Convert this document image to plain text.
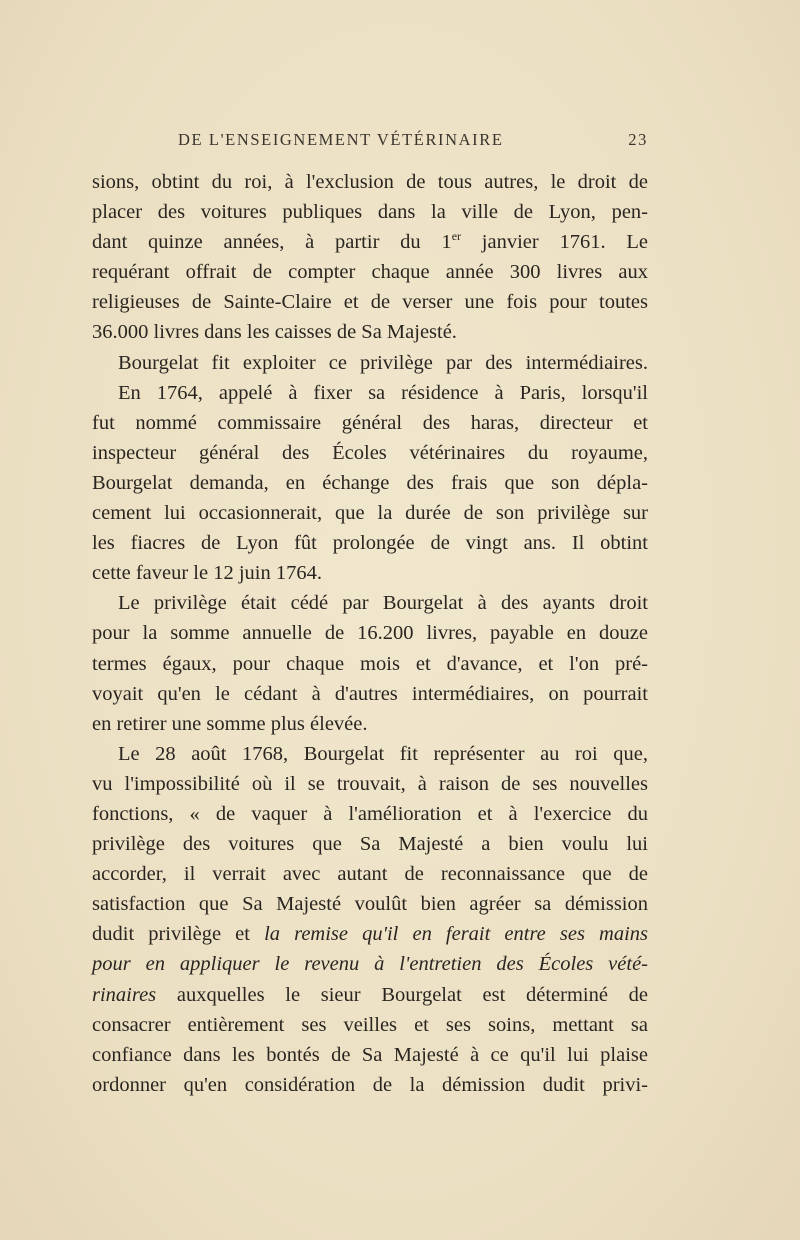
DE L'ENSEIGNEMENT VÉTÉRINAIRE	23
sions, obtint du roi, à l'exclusion de tous autres, le droit de
placer des voitures publiques dans la ville de Lyon, pen-
dant quinze années, à partir du 1er janvier 1761. Le
requérant offrait de compter chaque année 300 livres aux
religieuses de Sainte-Claire et de verser une fois pour toutes
36.000 livres dans les caisses de Sa Majesté.
Bourgelat fit exploiter ce privilège par des intermédiaires.
En 1764, appelé à fixer sa résidence à Paris, lorsqu'il
fut nommé commissaire général des haras, directeur et
inspecteur général des Écoles vétérinaires du royaume,
Bourgelat demanda, en échange des frais que son dépla-
cement lui occasionnerait, que la durée de son privilège sur
les fiacres de Lyon fût prolongée de vingt ans. Il obtint
cette faveur le 12 juin 1764.
Le privilège était cédé par Bourgelat à des ayants droit
pour la somme annuelle de 16.200 livres, payable en douze
termes égaux, pour chaque mois et d'avance, et l'on pré-
voyait qu'en le cédant à d'autres intermédiaires, on pourrait
en retirer une somme plus élevée.
Le 28 août 1768, Bourgelat fit représenter au roi que,
vu l'impossibilité où il se trouvait, à raison de ses nouvelles
fonctions, « de vaquer à l'amélioration et à l'exercice du
privilège des voitures que Sa Majesté a bien voulu lui
accorder, il verrait avec autant de reconnaissance que de
satisfaction que Sa Majesté voulût bien agréer sa démission
dudit privilège et la remise qu'il en ferait entre ses mains
pour en appliquer le revenu à l'entretien des Écoles vété-
rinaires auxquelles le sieur Bourgelat est déterminé de
consacrer entièrement ses veilles et ses soins, mettant sa
confiance dans les bontés de Sa Majesté à ce qu'il lui plaise
ordonner qu'en considération de la démission dudit privi-
